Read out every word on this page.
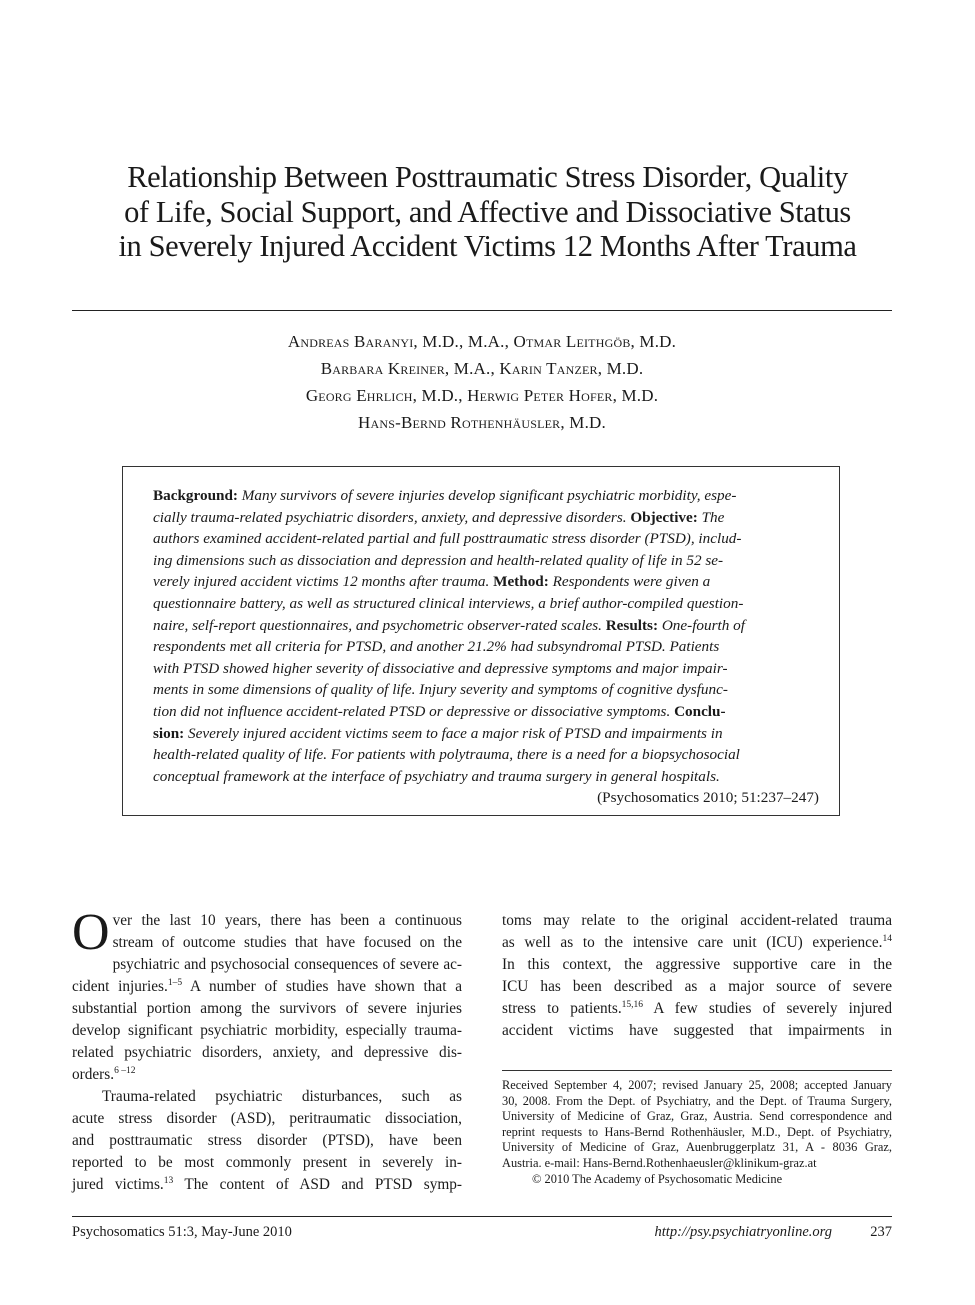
Relationship Between Posttraumatic Stress Disorder, Quality
of Life, Social Support, and Affective and Dissociative Status
in Severely Injured Accident Victims 12 Months After Trauma
Andreas Baranyi, M.D., M.A., Otmar Leithgöb, M.D.
Barbara Kreiner, M.A., Karin Tanzer, M.D.
Georg Ehrlich, M.D., Herwig Peter Hofer, M.D.
Hans-Bernd Rothenhäusler, M.D.
Background: Many survivors of severe injuries develop significant psychiatric morbidity, espe-
cially trauma-related psychiatric disorders, anxiety, and depressive disorders. Objective: The
authors examined accident-related partial and full posttraumatic stress disorder (PTSD), includ-
ing dimensions such as dissociation and depression and health-related quality of life in 52 se-
verely injured accident victims 12 months after trauma. Method: Respondents were given a
questionnaire battery, as well as structured clinical interviews, a brief author-compiled question-
naire, self-report questionnaires, and psychometric observer-rated scales. Results: One-fourth of
respondents met all criteria for PTSD, and another 21.2% had subsyndromal PTSD. Patients
with PTSD showed higher severity of dissociative and depressive symptoms and major impair-
ments in some dimensions of quality of life. Injury severity and symptoms of cognitive dysfunc-
tion did not influence accident-related PTSD or depressive or dissociative symptoms. Conclu-
sion: Severely injured accident victims seem to face a major risk of PTSD and impairments in
health-related quality of life. For patients with polytrauma, there is a need for a biopsychosocial
conceptual framework at the interface of psychiatry and trauma surgery in general hospitals.
(Psychosomatics 2010; 51:237–247)
O ver the last 10 years, there has been a continuous
stream of outcome studies that have focused on the
psychiatric and psychosocial consequences of severe ac-
cident injuries.$^{1-5}$ A number of studies have shown that a
substantial portion among the survivors of severe injuries
develop significant psychiatric morbidity, especially trauma-
related psychiatric disorders, anxiety, and depressive dis-
orders.$^{6 -12}$
Trauma-related psychiatric disturbances, such as
acute stress disorder (ASD), peritraumatic dissociation,
and posttraumatic stress disorder (PTSD), have been
reported to be most commonly present in severely in-
jured victims.$^{13}$ The content of ASD and PTSD symp-
toms may relate to the original accident-related trauma
as well as to the intensive care unit (ICU) experience.$^{14}$
In this context, the aggressive supportive care in the
ICU has been described as a major source of severe
stress to patients.$^{15,16}$ A few studies of severely injured
accident victims have suggested that impairments in
Received September 4, 2007; revised January 25, 2008; accepted January
30, 2008. From the Dept. of Psychiatry, and the Dept. of Trauma Surgery,
University of Medicine of Graz, Graz, Austria. Send correspondence and
reprint requests to Hans-Bernd Rothenhäusler, M.D., Dept. of Psychiatry,
University of Medicine of Graz, Auenbruggerplatz 31, A - 8036 Graz,
Austria. e-mail: Hans-Bernd.Rothenhaeusler@klinikum-graz.at
© 2010 The Academy of Psychosomatic Medicine
Psychosomatics 51:3, May-June 2010	http://psy.psychiatryonline.org	237
